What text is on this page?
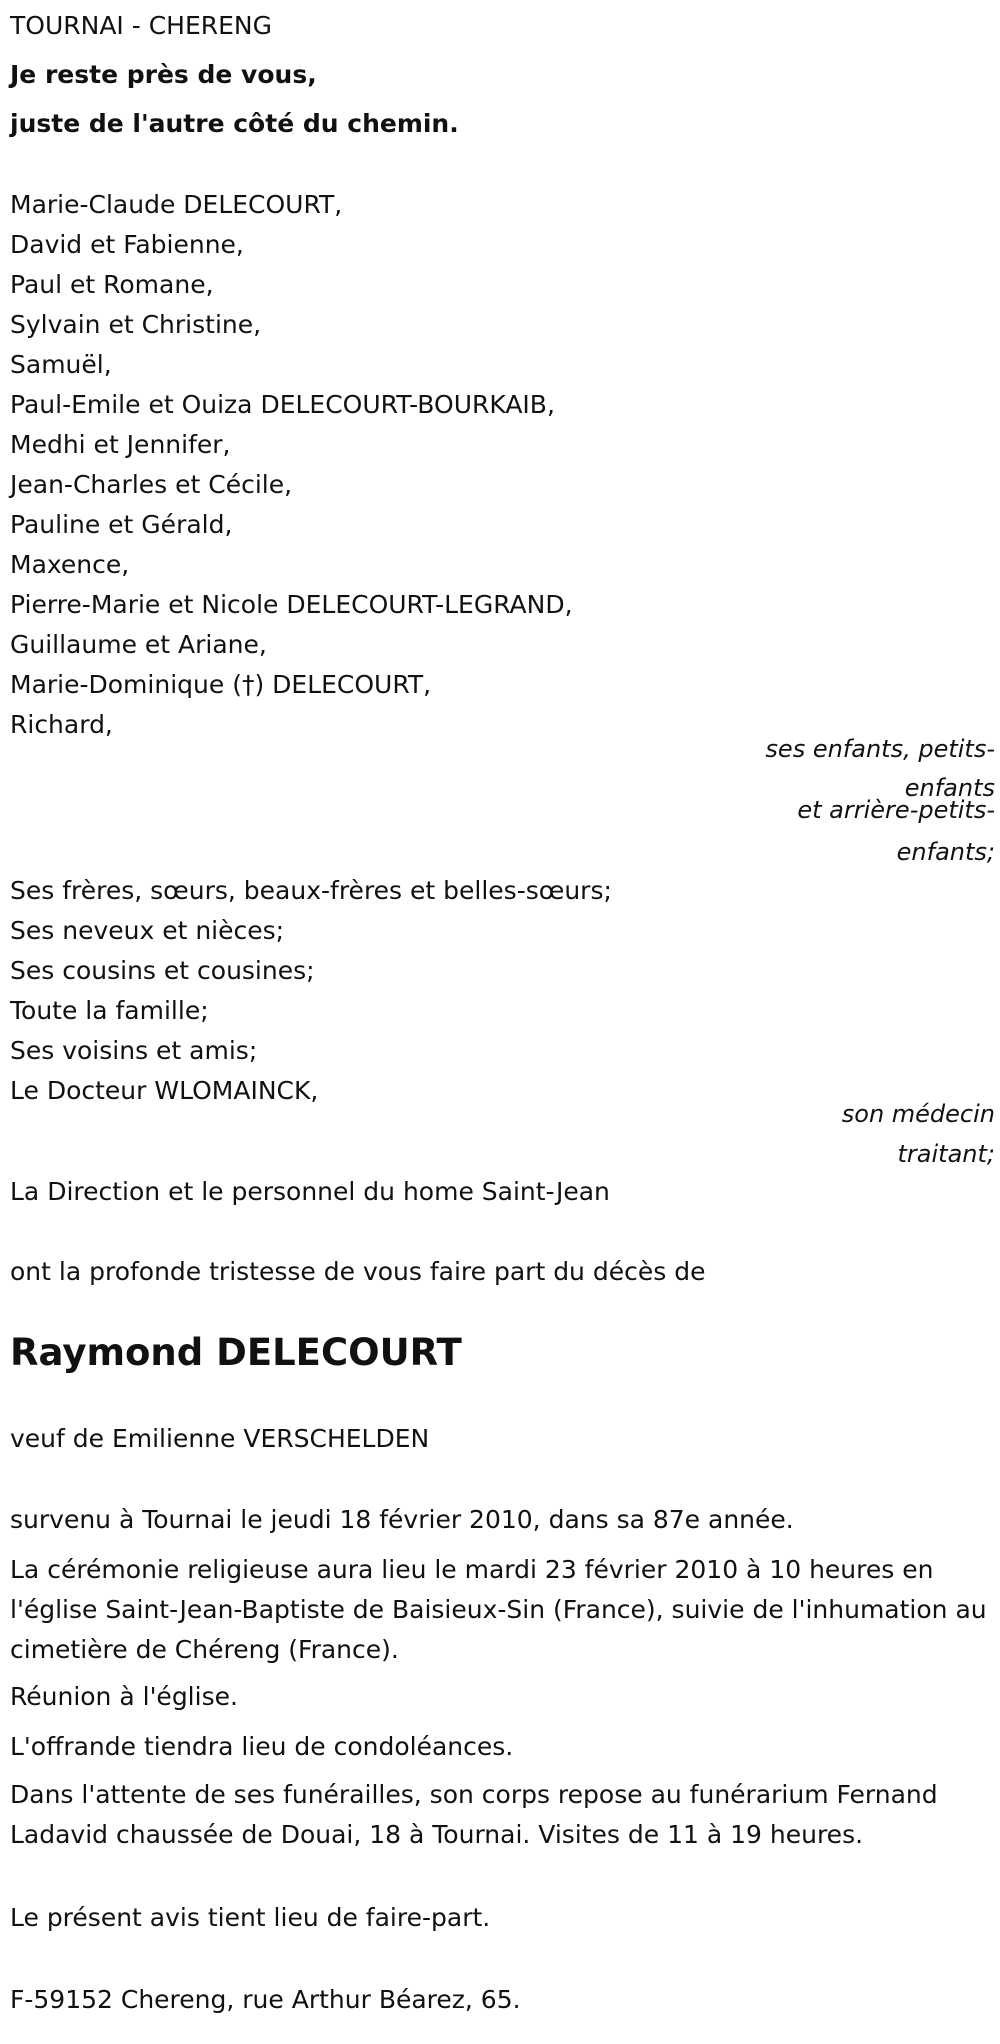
TOURNAI - CHERENG
Je reste près de vous,
juste de l'autre côté du chemin.
Marie-Claude DELECOURT,
David et Fabienne,
Paul et Romane,
Sylvain et Christine,
Samuël,
Paul-Emile et Ouiza DELECOURT-BOURKAIB,
Medhi et Jennifer,
Jean-Charles et Cécile,
Pauline et Gérald,
Maxence,
Pierre-Marie et Nicole DELECOURT-LEGRAND,
Guillaume et Ariane,
Marie-Dominique (†) DELECOURT,
Richard,
ses enfants, petits-
enfants
et arrière-petits-
enfants;
Ses frères, sœurs, beaux-frères et belles-sœurs;
Ses neveux et nièces;
Ses cousins et cousines;
Toute la famille;
Ses voisins et amis;
Le Docteur WLOMAINCK,
son médecin
traitant;
La Direction et le personnel du home Saint-Jean
ont la profonde tristesse de vous faire part du décès de
Raymond DELECOURT
veuf de Emilienne VERSCHELDEN
survenu à Tournai le jeudi 18 février 2010, dans sa 87e année.
La cérémonie religieuse aura lieu le mardi 23 février 2010 à 10 heures en l'église Saint-Jean-Baptiste de Baisieux-Sin (France), suivie de l'inhumation au cimetière de Chéreng (France).
Réunion à l'église.
L'offrande tiendra lieu de condoléances.
Dans l'attente de ses funérailles, son corps repose au funérarium Fernand Ladavid chaussée de Douai, 18 à Tournai. Visites de 11 à 19 heures.
Le présent avis tient lieu de faire-part.
F-59152 Chereng, rue Arthur Béarez, 65.
